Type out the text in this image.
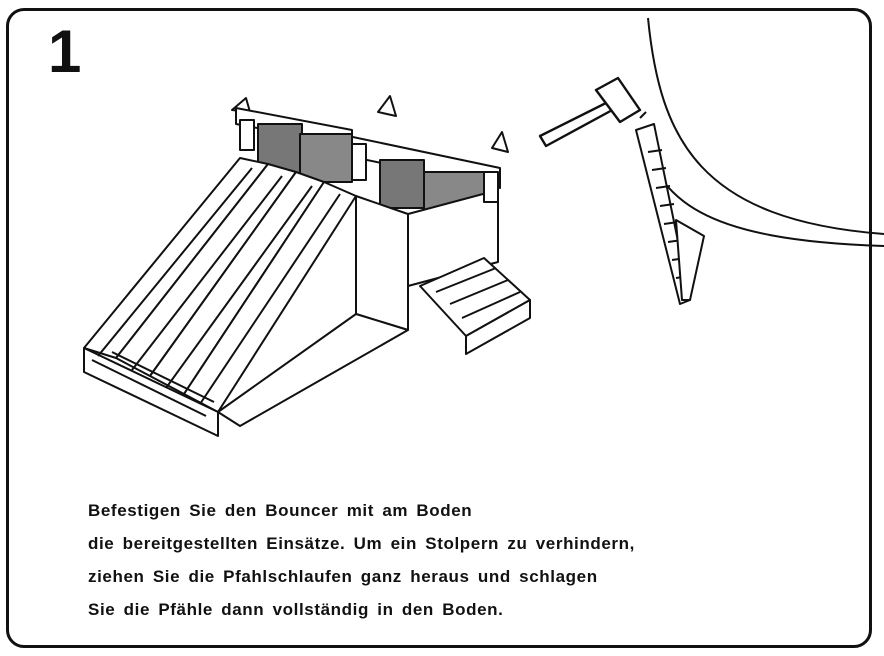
1
Befestigen Sie den Bouncer mit am Boden
die bereitgestellten Einsätze. Um ein Stolpern zu verhindern,
ziehen Sie die Pfahlschlaufen ganz heraus und schlagen
Sie die Pfähle dann vollständig in den Boden.
